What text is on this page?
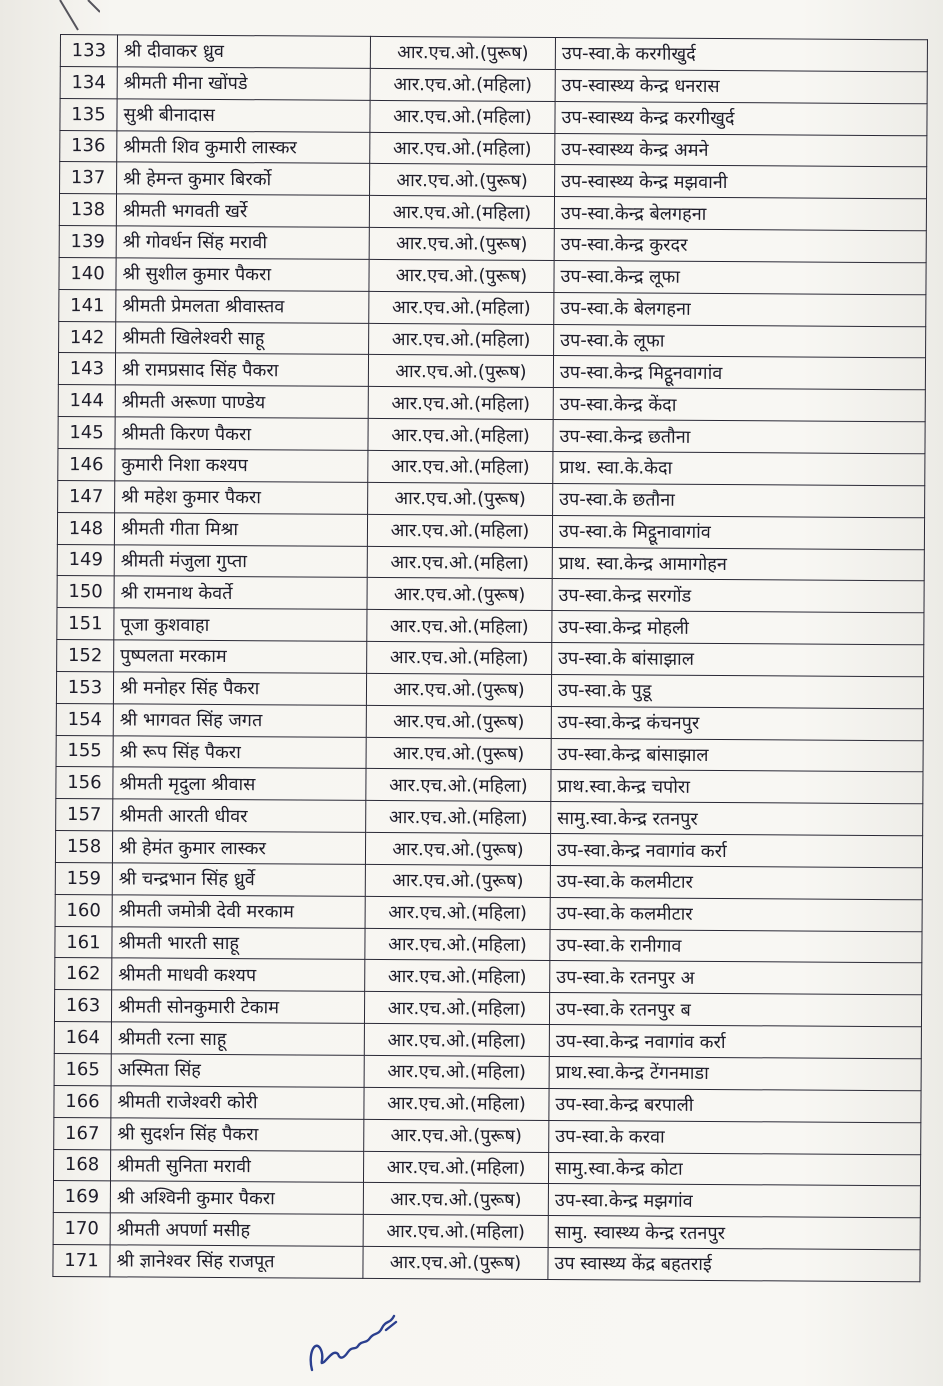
133	श्री दीवाकर ध्रुव	आर.एच.ओ.(पुरूष)	उप-स्वा.के करगीखुर्द
134	श्रीमती मीना खोंपडे	आर.एच.ओ.(महिला)	उप-स्वास्थ्य केन्द्र धनरास
135	सुश्री बीनादास	आर.एच.ओ.(महिला)	उप-स्वास्थ्य केन्द्र करगीखुर्द
136	श्रीमती शिव कुमारी लास्कर	आर.एच.ओ.(महिला)	उप-स्वास्थ्य केन्द्र अमने
137	श्री हेमन्त कुमार बिरर्को	आर.एच.ओ.(पुरूष)	उप-स्वास्थ्य केन्द्र मझवानी
138	श्रीमती भगवती खर्रे	आर.एच.ओ.(महिला)	उप-स्वा.केन्द्र बेलगहना
139	श्री गोवर्धन सिंह मरावी	आर.एच.ओ.(पुरूष)	उप-स्वा.केन्द्र कुरदर
140	श्री सुशील कुमार पैकरा	आर.एच.ओ.(पुरूष)	उप-स्वा.केन्द्र लूफा
141	श्रीमती प्रेमलता श्रीवास्तव	आर.एच.ओ.(महिला)	उप-स्वा.के बेलगहना
142	श्रीमती खिलेश्वरी साहू	आर.एच.ओ.(महिला)	उप-स्वा.के लूफा
143	श्री रामप्रसाद सिंह पैकरा	आर.एच.ओ.(पुरूष)	उप-स्वा.केन्द्र मिट्ठूनवागांव
144	श्रीमती अरूणा पाण्डेय	आर.एच.ओ.(महिला)	उप-स्वा.केन्द्र केंदा
145	श्रीमती किरण पैकरा	आर.एच.ओ.(महिला)	उप-स्वा.केन्द्र छतौना
146	कुमारी निशा कश्यप	आर.एच.ओ.(महिला)	प्राथ. स्वा.के.केदा
147	श्री महेश कुमार पैकरा	आर.एच.ओ.(पुरूष)	उप-स्वा.के छतौना
148	श्रीमती गीता मिश्रा	आर.एच.ओ.(महिला)	उप-स्वा.के मिट्ठूनावागांव
149	श्रीमती मंजुला गुप्ता	आर.एच.ओ.(महिला)	प्राथ. स्वा.केन्द्र आमागोहन
150	श्री रामनाथ केवर्ते	आर.एच.ओ.(पुरूष)	उप-स्वा.केन्द्र सरगोंड
151	पूजा कुशवाहा	आर.एच.ओ.(महिला)	उप-स्वा.केन्द्र मोहली
152	पुष्पलता मरकाम	आर.एच.ओ.(महिला)	उप-स्वा.के बांसाझाल
153	श्री मनोहर सिंह पैकरा	आर.एच.ओ.(पुरूष)	उप-स्वा.के पुडू
154	श्री भागवत सिंह जगत	आर.एच.ओ.(पुरूष)	उप-स्वा.केन्द्र कंचनपुर
155	श्री रूप सिंह पैकरा	आर.एच.ओ.(पुरूष)	उप-स्वा.केन्द्र बांसाझाल
156	श्रीमती मृदुला श्रीवास	आर.एच.ओ.(महिला)	प्राथ.स्वा.केन्द्र चपोरा
157	श्रीमती आरती धीवर	आर.एच.ओ.(महिला)	सामु.स्वा.केन्द्र रतनपुर
158	श्री हेमंत कुमार लास्कर	आर.एच.ओ.(पुरूष)	उप-स्वा.केन्द्र नवागांव कर्रा
159	श्री चन्द्रभान सिंह ध्रुर्वे	आर.एच.ओ.(पुरूष)	उप-स्वा.के कलमीटार
160	श्रीमती जमोत्री देवी मरकाम	आर.एच.ओ.(महिला)	उप-स्वा.के कलमीटार
161	श्रीमती भारती साहू	आर.एच.ओ.(महिला)	उप-स्वा.के रानीगाव
162	श्रीमती माधवी कश्यप	आर.एच.ओ.(महिला)	उप-स्वा.के रतनपुर अ
163	श्रीमती सोनकुमारी टेकाम	आर.एच.ओ.(महिला)	उप-स्वा.के रतनपुर ब
164	श्रीमती रत्ना साहू	आर.एच.ओ.(महिला)	उप-स्वा.केन्द्र नवागांव कर्रा
165	अस्मिता सिंह	आर.एच.ओ.(महिला)	प्राथ.स्वा.केन्द्र टेंगनमाडा
166	श्रीमती राजेश्वरी कोरी	आर.एच.ओ.(महिला)	उप-स्वा.केन्द्र बरपाली
167	श्री सुदर्शन सिंह पैकरा	आर.एच.ओ.(पुरूष)	उप-स्वा.के करवा
168	श्रीमती सुनिता मरावी	आर.एच.ओ.(महिला)	सामु.स्वा.केन्द्र कोटा
169	श्री अश्विनी कुमार पैकरा	आर.एच.ओ.(पुरूष)	उप-स्वा.केन्द्र मझगांव
170	श्रीमती अपर्णा मसीह	आर.एच.ओ.(महिला)	सामु. स्वास्थ्य केन्द्र रतनपुर
171	श्री ज्ञानेश्वर सिंह राजपूत	आर.एच.ओ.(पुरूष)	उप स्वास्थ्य केंद्र बहतराई
